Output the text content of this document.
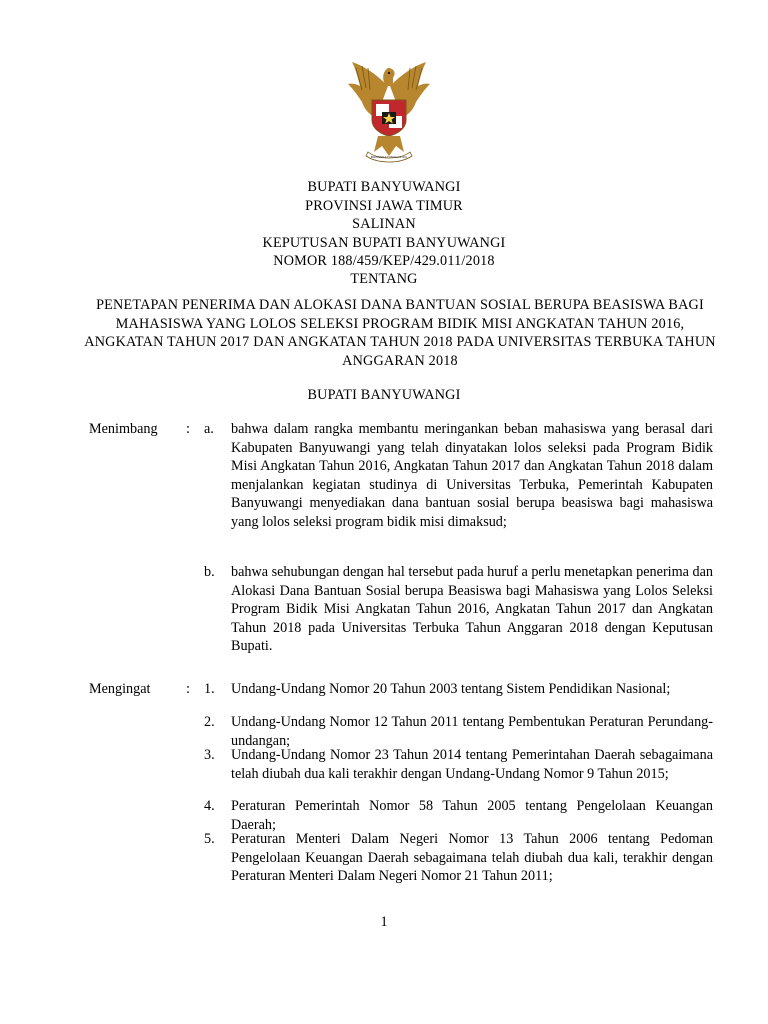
BHINNEKA TUNGGAL IKA
BUPATI BANYUWANGI
PROVINSI JAWA TIMUR
SALINAN
KEPUTUSAN BUPATI BANYUWANGI
NOMOR 188/459/KEP/429.011/2018
TENTANG
PENETAPAN PENERIMA DAN ALOKASI DANA BANTUAN SOSIAL BERUPA BEASISWA BAGI MAHASISWA YANG LOLOS SELEKSI PROGRAM BIDIK MISI ANGKATAN TAHUN 2016, ANGKATAN TAHUN 2017 DAN ANGKATAN TAHUN 2018 PADA UNIVERSITAS TERBUKA TAHUN ANGGARAN 2018
BUPATI BANYUWANGI
Menimbang : a. bahwa dalam rangka membantu meringankan beban mahasiswa yang berasal dari Kabupaten Banyuwangi yang telah dinyatakan lolos seleksi pada Program Bidik Misi Angkatan Tahun 2016, Angkatan Tahun 2017 dan Angkatan Tahun 2018 dalam menjalankan kegiatan studinya di Universitas Terbuka, Pemerintah Kabupaten Banyuwangi menyediakan dana bantuan sosial berupa beasiswa bagi mahasiswa yang lolos seleksi program bidik misi dimaksud;
b. bahwa sehubungan dengan hal tersebut pada huruf a perlu menetapkan penerima dan Alokasi Dana Bantuan Sosial berupa Beasiswa bagi Mahasiswa yang Lolos Seleksi Program Bidik Misi Angkatan Tahun 2016, Angkatan Tahun 2017 dan Angkatan Tahun 2018 pada Universitas Terbuka Tahun Anggaran 2018 dengan Keputusan Bupati.
Mengingat	: 1. Undang-Undang Nomor 20 Tahun 2003 tentang Sistem Pendidikan Nasional;
2. Undang-Undang Nomor 12 Tahun 2011 tentang Pembentukan Peraturan Perundang-undangan;
3. Undang-Undang Nomor 23 Tahun 2014 tentang Pemerintahan Daerah sebagaimana telah diubah dua kali terakhir dengan Undang-Undang Nomor 9 Tahun 2015;
4. Peraturan Pemerintah Nomor 58 Tahun 2005 tentang Pengelolaan Keuangan Daerah;
5. Peraturan Menteri Dalam Negeri Nomor 13 Tahun 2006 tentang Pedoman Pengelolaan Keuangan Daerah sebagaimana telah diubah dua kali, terakhir dengan Peraturan Menteri Dalam Negeri Nomor 21 Tahun 2011;
1
